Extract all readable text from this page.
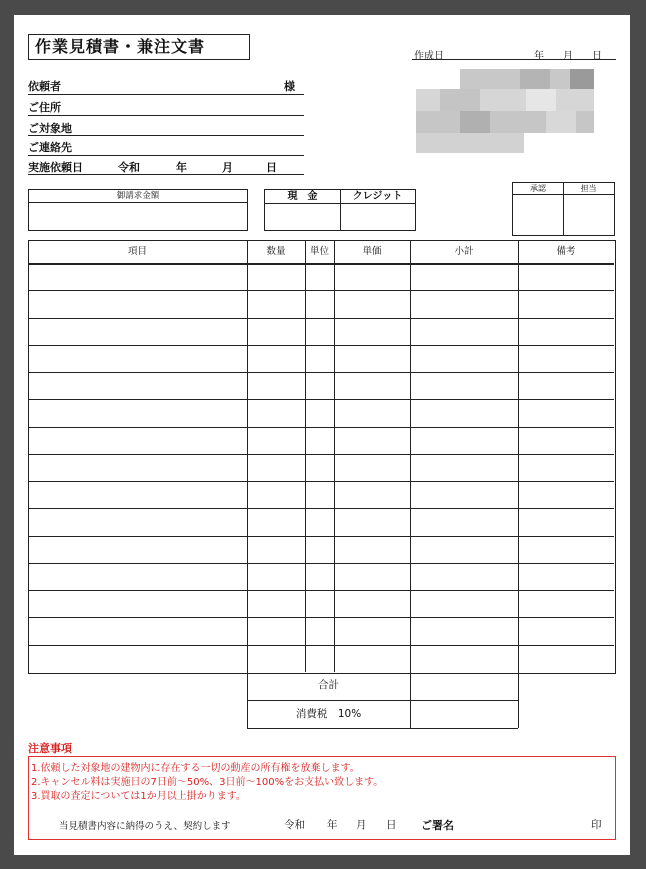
作業見積書・兼注文書
作成日	年 月 日
依頼者	様
ご住所
ご対象地
ご連絡先
実施依頼日	令和	年	月	日
御請求金額	現　金	クレジット
承認	担当
項目	数量	単位	単価	小計	備考
合計
消費税　10%
注意事項
1.依頼した対象地の建物内に存在する一切の動産の所有権を放棄します。
2.キャンセル料は実施日の7日前～50%、3日前～100%をお支払い致します。
3.買取の査定については1か月以上掛かります。
当見積書内容に納得のうえ、契約します	令和 年 月 日 ご署名	印
